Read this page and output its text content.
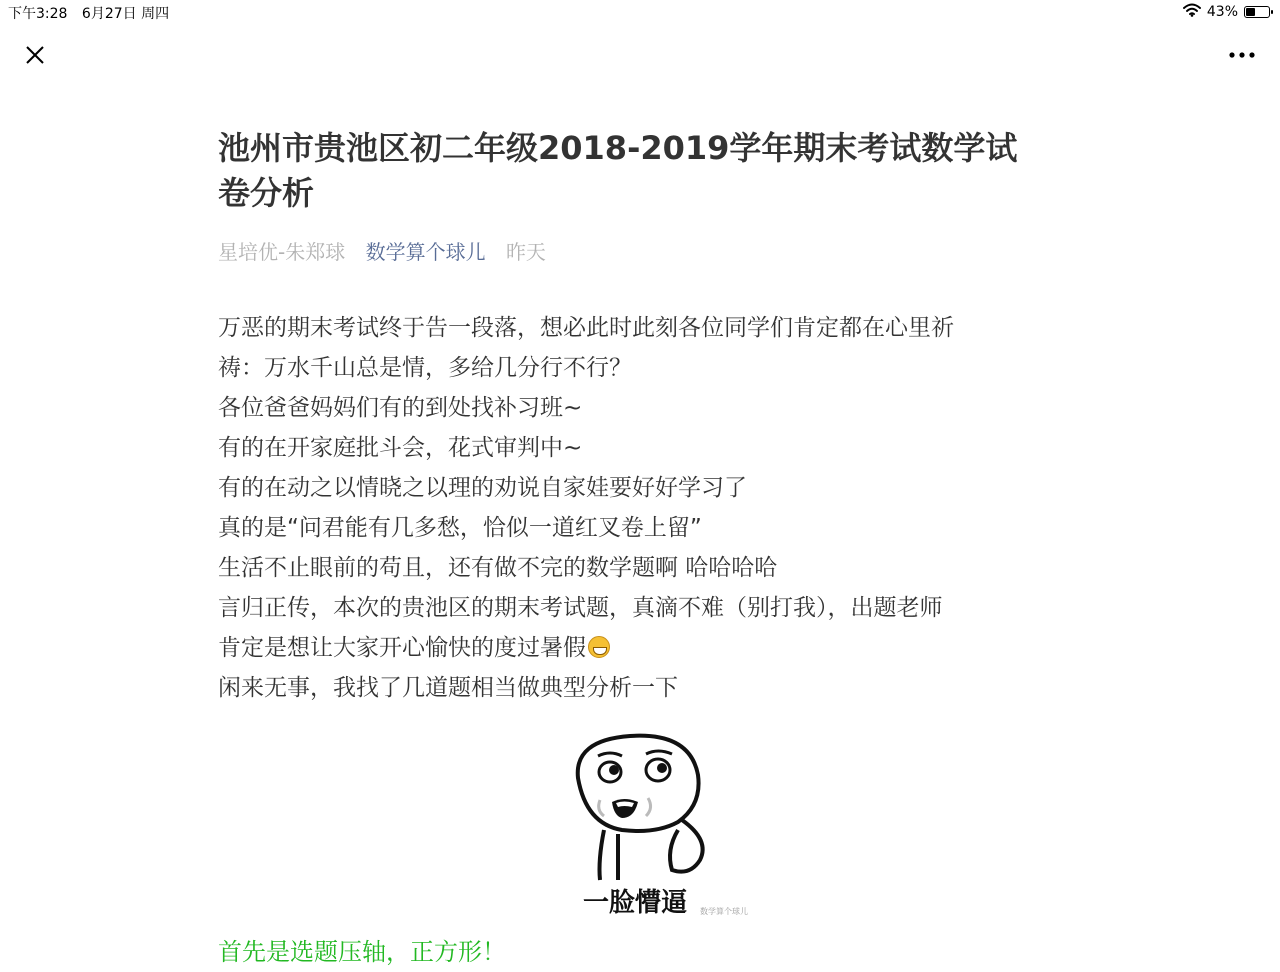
下午3:28 6月27日 周四	43%
池州市贵池区初二年级2018-2019学年期末考试数学试卷分析
星培优-朱郑球 数学算个球儿 昨天

万恶的期末考试终于告一段落，想必此时此刻各位同学们肯定都在心里祈

祷：万水千山总是情，多给几分行不行？

各位爸爸妈妈们有的到处找补习班~

有的在开家庭批斗会，花式审判中~

有的在动之以情晓之以理的劝说自家娃要好好学习了

真的是“问君能有几多愁，恰似一道红叉卷上留”

生活不止眼前的苟且，还有做不完的数学题啊 哈哈哈哈

言归正传，本次的贵池区的期末考试题，真滴不难（别打我），出题老师

肯定是想让大家开心愉快的度过暑假

闲来无事，我找了几道题相当做典型分析一下

一脸懵逼	数学算个球儿
首先是选题压轴，正方形！
